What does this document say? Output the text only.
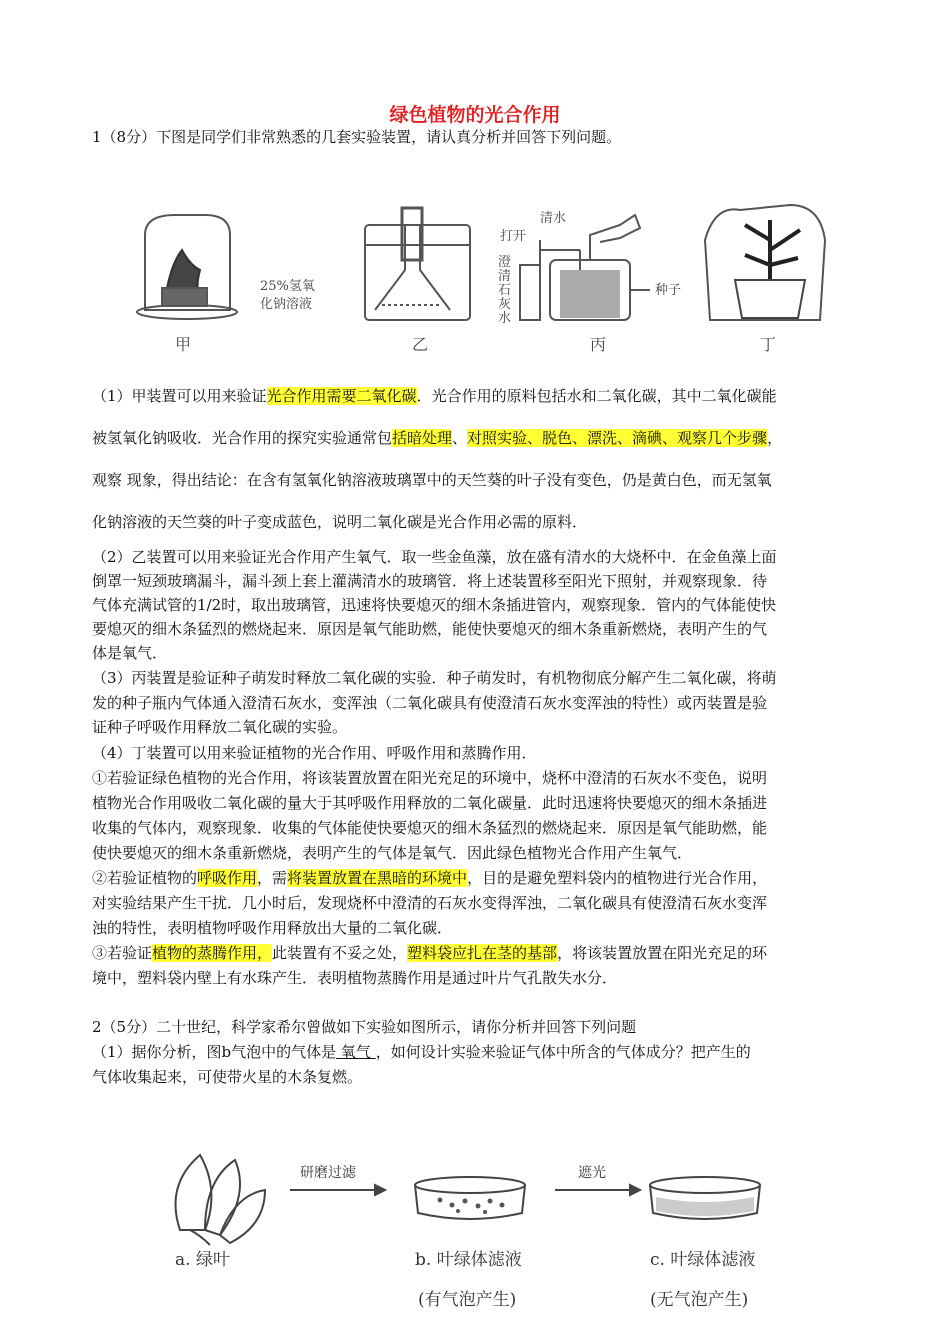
绿色植物的光合作用
1（8分）下图是同学们非常熟悉的几套实验装置，请认真分析并回答下列问题。
25%氢氧
化钠溶液
清水
打开
澄
清
石
灰
水
种子
甲	乙	丙	丁
（1）甲装置可以用来验证光合作用需要二氧化碳．光合作用的原料包括水和二氧化碳，其中二氧化碳能
被氢氧化钠吸收．光合作用的探究实验通常包括暗处理、对照实验、脱色、漂洗、滴碘、观察几个步骤，
观察 现象，得出结论：在含有氢氧化钠溶液玻璃罩中的天竺葵的叶子没有变色，仍是黄白色，而无氢氧
化钠溶液的天竺葵的叶子变成蓝色，说明二氧化碳是光合作用必需的原料．
（2）乙装置可以用来验证光合作用产生氧气．取一些金鱼藻，放在盛有清水的大烧杯中．在金鱼藻上面
倒罩一短颈玻璃漏斗，漏斗颈上套上灌满清水的玻璃管．将上述装置移至阳光下照射，并观察现象．待
气体充满试管的1/2时，取出玻璃管，迅速将快要熄灭的细木条插进管内，观察现象．管内的气体能使快
要熄灭的细木条猛烈的燃烧起来．原因是氧气能助燃，能使快要熄灭的细木条重新燃烧，表明产生的气
体是氧气．
（3）丙装置是验证种子萌发时释放二氧化碳的实验．种子萌发时，有机物彻底分解产生二氧化碳，将萌
发的种子瓶内气体通入澄清石灰水，变浑浊（二氧化碳具有使澄清石灰水变浑浊的特性）或丙装置是验
证种子呼吸作用释放二氧化碳的实验。
（4）丁装置可以用来验证植物的光合作用、呼吸作用和蒸腾作用．
①若验证绿色植物的光合作用，将该装置放置在阳光充足的环境中，烧杯中澄清的石灰水不变色，说明
植物光合作用吸收二氧化碳的量大于其呼吸作用释放的二氧化碳量．此时迅速将快要熄灭的细木条插进
收集的气体内，观察现象．收集的气体能使快要熄灭的细木条猛烈的燃烧起来．原因是氧气能助燃，能
使快要熄灭的细木条重新燃烧，表明产生的气体是氧气．因此绿色植物光合作用产生氧气．
②若验证植物的呼吸作用，需将装置放置在黑暗的环境中，目的是避免塑料袋内的植物进行光合作用，
对实验结果产生干扰．几小时后，发现烧杯中澄清的石灰水变得浑浊，二氧化碳具有使澄清石灰水变浑
浊的特性，表明植物呼吸作用释放出大量的二氧化碳．
③若验证植物的蒸腾作用，此装置有不妥之处，塑料袋应扎在茎的基部，将该装置放置在阳光充足的环
境中，塑料袋内壁上有水珠产生．表明植物蒸腾作用是通过叶片气孔散失水分．
2（5分）二十世纪，科学家希尔曾做如下实验如图所示，请你分析并回答下列问题
（1）据你分析，图b气泡中的气体是 氧气 ，如何设计实验来验证气体中所含的气体成分？把产生的
气体收集起来，可使带火星的木条复燃。
研磨过滤	遮光
a. 绿叶	b. 叶绿体滤液
(有气泡产生)
c. 叶绿体滤液
(无气泡产生)
